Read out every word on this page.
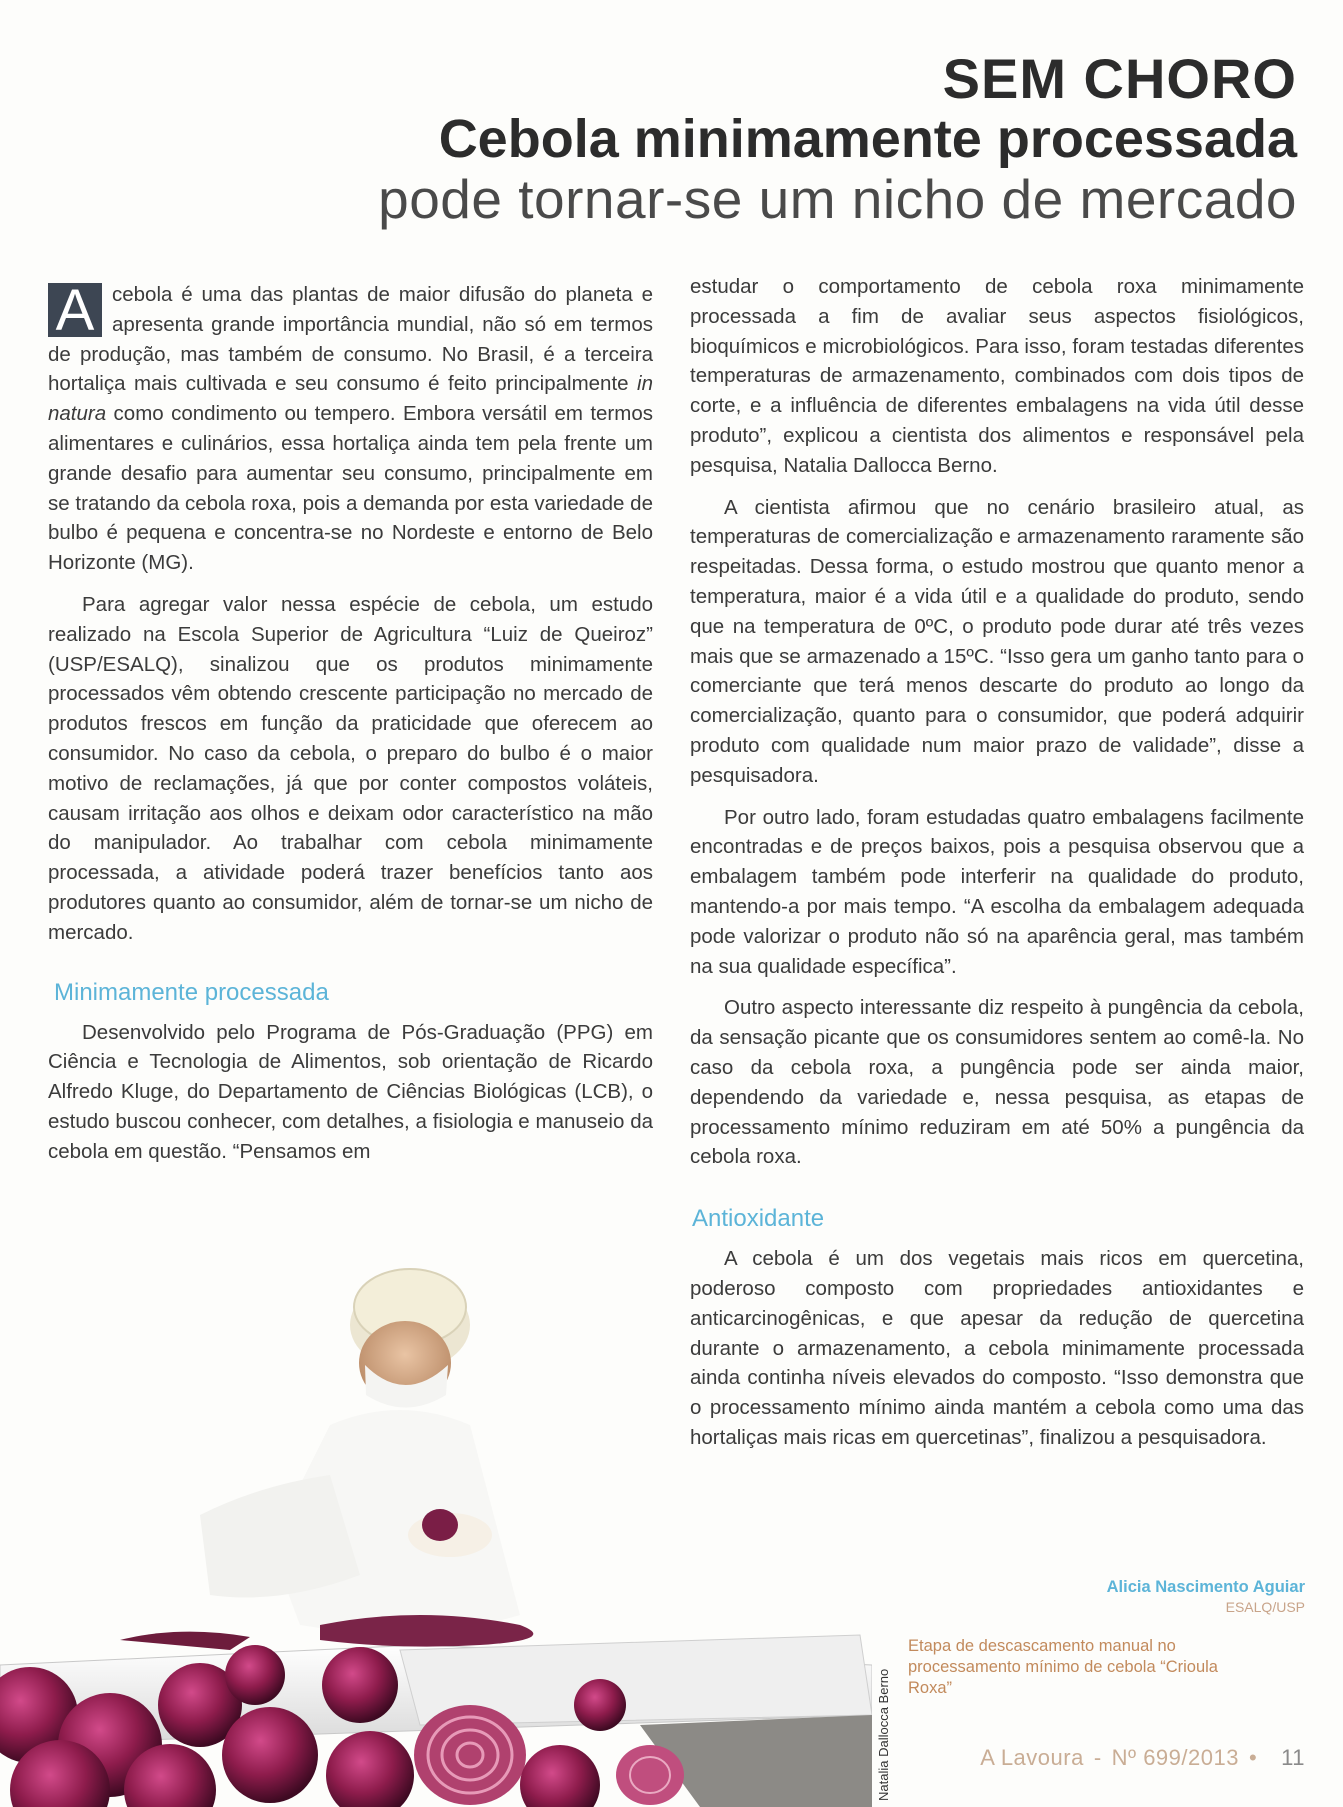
SEM CHORO
Cebola minimamente processada
pode tornar-se um nicho de mercado

A cebola é uma das plantas de maior difusão do planeta e apresenta grande importância mundial, não só em termos de produção, mas também de consumo. No Brasil, é a terceira hortaliça mais cultivada e seu consumo é feito principalmente in natura como condimento ou tempero. Embora versátil em termos alimentares e culinários, essa hortaliça ainda tem pela frente um grande desafio para aumentar seu consumo, principalmente em se tratando da cebola roxa, pois a demanda por esta variedade de bulbo é pequena e concentra-se no Nordeste e entorno de Belo Horizonte (MG).

Para agregar valor nessa espécie de cebola, um estudo realizado na Escola Superior de Agricultura “Luiz de Queiroz” (USP/ESALQ), sinalizou que os produtos minimamente processados vêm obtendo crescente participação no mercado de produtos frescos em função da praticidade que oferecem ao consumidor. No caso da cebola, o preparo do bulbo é o maior motivo de reclamações, já que por conter compostos voláteis, causam irritação aos olhos e deixam odor característico na mão do manipulador. Ao trabalhar com cebola minimamente processada, a atividade poderá trazer benefícios tanto aos produtores quanto ao consumidor, além de tornar-se um nicho de mercado.

Minimamente processada

Desenvolvido pelo Programa de Pós-Graduação (PPG) em Ciência e Tecnologia de Alimentos, sob orientação de Ricardo Alfredo Kluge, do Departamento de Ciências Biológicas (LCB), o estudo buscou conhecer, com detalhes, a fisiologia e manuseio da cebola em questão. “Pensamos em

estudar o comportamento de cebola roxa minimamente processada a fim de avaliar seus aspectos fisiológicos, bioquímicos e microbiológicos. Para isso, foram testadas diferentes temperaturas de armazenamento, combinados com dois tipos de corte, e a influência de diferentes embalagens na vida útil desse produto”, explicou a cientista dos alimentos e responsável pela pesquisa, Natalia Dallocca Berno.

A cientista afirmou que no cenário brasileiro atual, as temperaturas de comercialização e armazenamento raramente são respeitadas. Dessa forma, o estudo mostrou que quanto menor a temperatura, maior é a vida útil e a qualidade do produto, sendo que na temperatura de 0ºC, o produto pode durar até três vezes mais que se armazenado a 15ºC. “Isso gera um ganho tanto para o comerciante que terá menos descarte do produto ao longo da comercialização, quanto para o consumidor, que poderá adquirir produto com qualidade num maior prazo de validade”, disse a pesquisadora.

Por outro lado, foram estudadas quatro embalagens facilmente encontradas e de preços baixos, pois a pesquisa observou que a embalagem também pode interferir na qualidade do produto, mantendo-a por mais tempo. “A escolha da embalagem adequada pode valorizar o produto não só na aparência geral, mas também na sua qualidade específica”.

Outro aspecto interessante diz respeito à pungência da cebola, da sensação picante que os consumidores sentem ao comê-la. No caso da cebola roxa, a pungência pode ser ainda maior, dependendo da variedade e, nessa pesquisa, as etapas de processamento mínimo reduziram em até 50% a pungência da cebola roxa.

Antioxidante

A cebola é um dos vegetais mais ricos em quercetina, poderoso composto com propriedades antioxidantes e anticarcinogênicas, e que apesar da redução de quercetina durante o armazenamento, a cebola minimamente processada ainda continha níveis elevados do composto. “Isso demonstra que o processamento mínimo ainda mantém a cebola como uma das hortaliças mais ricas em quercetinas”, finalizou a pesquisadora.

Alicia Nascimento Aguiar
ESALQ/USP
Natalia Dallocca Berno
Etapa de descascamento manual no processamento mínimo de cebola “Crioula Roxa”
A Lavoura - Nº 699/2013 • 11
